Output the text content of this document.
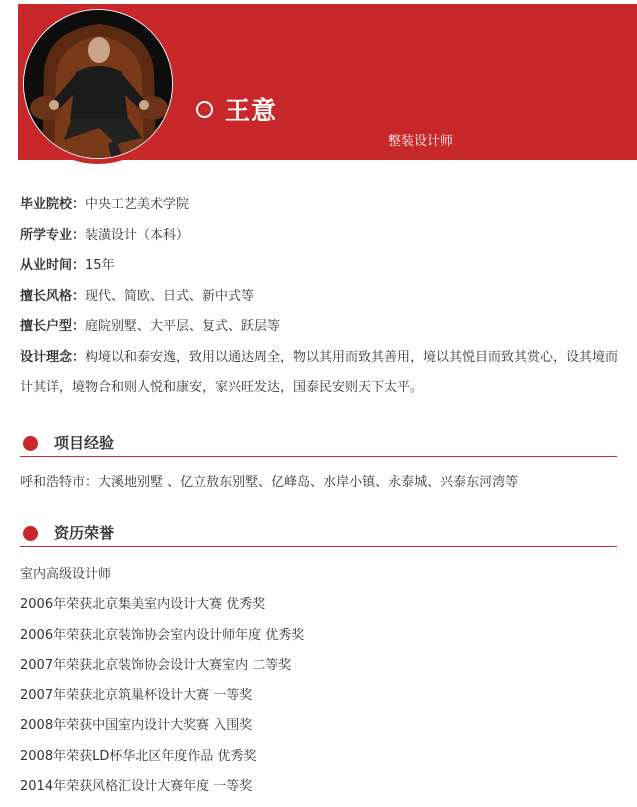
王意
整装设计师
毕业院校：中央工艺美术学院
所学专业：装潢设计（本科）
从业时间：15年
擅长风格：现代、简欧、日式、新中式等
擅长户型：庭院别墅、大平层、复式、跃层等
设计理念：构境以和泰安逸，致用以通达周全，物以其用而致其善用，境以其悦目而致其赏心，设其境而计其详，境物合和则人悦和康安，家兴旺发达，国泰民安则天下太平。
项目经验
呼和浩特市：大溪地别墅 、亿立敖东别墅、亿峰岛、水岸小镇、永泰城、兴泰东河湾等
资历荣誉
室内高级设计师
2006年荣获北京集美室内设计大赛 优秀奖
2006年荣获北京装饰协会室内设计师年度 优秀奖
2007年荣获北京装饰协会设计大赛室内 二等奖
2007年荣获北京筑巢杯设计大赛 一等奖
2008年荣获中国室内设计大奖赛 入围奖
2008年荣获LD杯华北区年度作品 优秀奖
2014年荣获风格汇设计大赛年度 一等奖
